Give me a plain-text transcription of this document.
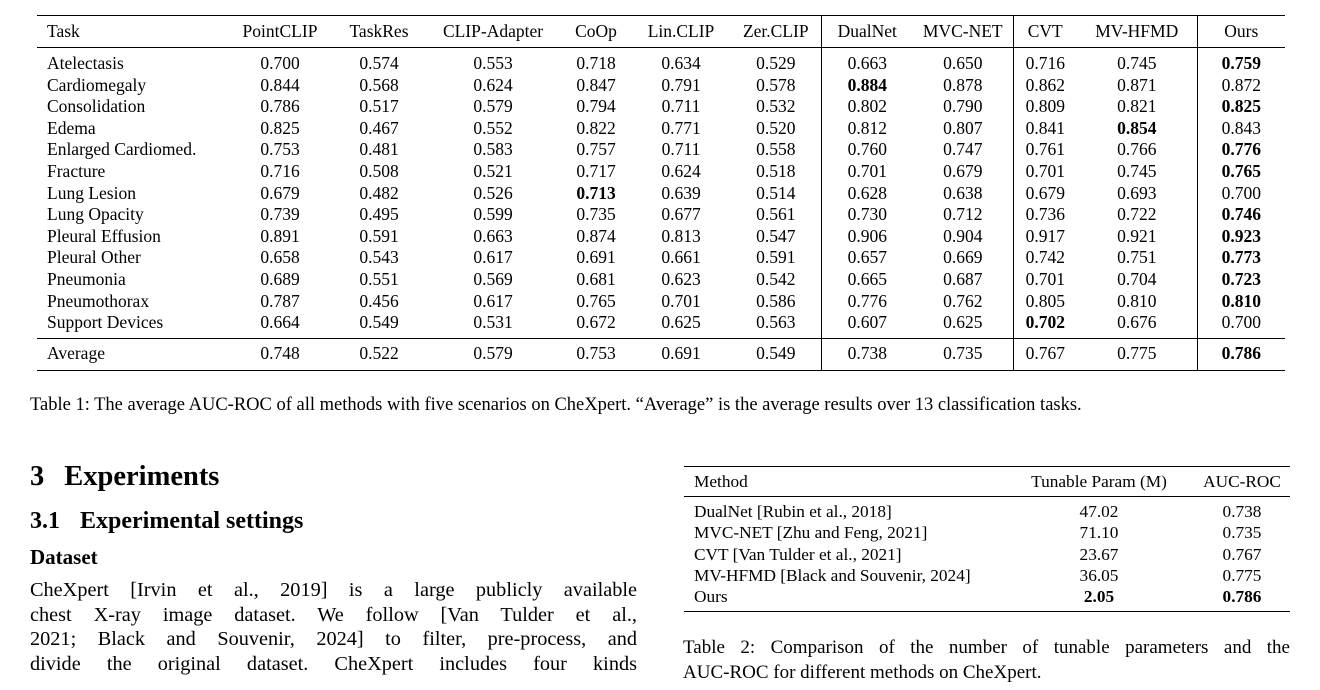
Task	PointCLIP	TaskRes	CLIP-Adapter	CoOp	Lin.CLIP	Zer.CLIP	DualNet	MVC-NET	CVT	MV-HFMD	Ours
Atelectasis	0.700	0.574	0.553	0.718	0.634	0.529	0.663	0.650	0.716	0.745	0.759
Cardiomegaly	0.844	0.568	0.624	0.847	0.791	0.578	0.884	0.878	0.862	0.871	0.872
Consolidation	0.786	0.517	0.579	0.794	0.711	0.532	0.802	0.790	0.809	0.821	0.825
Edema	0.825	0.467	0.552	0.822	0.771	0.520	0.812	0.807	0.841	0.854	0.843
Enlarged Cardiomed.	0.753	0.481	0.583	0.757	0.711	0.558	0.760	0.747	0.761	0.766	0.776
Fracture	0.716	0.508	0.521	0.717	0.624	0.518	0.701	0.679	0.701	0.745	0.765
Lung Lesion	0.679	0.482	0.526	0.713	0.639	0.514	0.628	0.638	0.679	0.693	0.700
Lung Opacity	0.739	0.495	0.599	0.735	0.677	0.561	0.730	0.712	0.736	0.722	0.746
Pleural Effusion	0.891	0.591	0.663	0.874	0.813	0.547	0.906	0.904	0.917	0.921	0.923
Pleural Other	0.658	0.543	0.617	0.691	0.661	0.591	0.657	0.669	0.742	0.751	0.773
Pneumonia	0.689	0.551	0.569	0.681	0.623	0.542	0.665	0.687	0.701	0.704	0.723
Pneumothorax	0.787	0.456	0.617	0.765	0.701	0.586	0.776	0.762	0.805	0.810	0.810
Support Devices	0.664	0.549	0.531	0.672	0.625	0.563	0.607	0.625	0.702	0.676	0.700
Average	0.748	0.522	0.579	0.753	0.691	0.549	0.738	0.735	0.767	0.775	0.786
Table 1: The average AUC-ROC of all methods with five scenarios on CheXpert. “Average” is the average results over 13 classification tasks.
3 Experiments
3.1 Experimental settings
Dataset
CheXpert [Irvin et al., 2019] is a large publicly available
chest X-ray image dataset. We follow [Van Tulder et al.,
2021; Black and Souvenir, 2024] to filter, pre-process, and
divide the original dataset. CheXpert includes four kinds
Method	Tunable Param (M)	AUC-ROC
DualNet [Rubin et al., 2018]	47.02	0.738
MVC-NET [Zhu and Feng, 2021]	71.10	0.735
CVT [Van Tulder et al., 2021]	23.67	0.767
MV-HFMD [Black and Souvenir, 2024]	36.05	0.775
Ours	2.05	0.786
Table 2: Comparison of the number of tunable parameters and the
AUC-ROC for different methods on CheXpert.
